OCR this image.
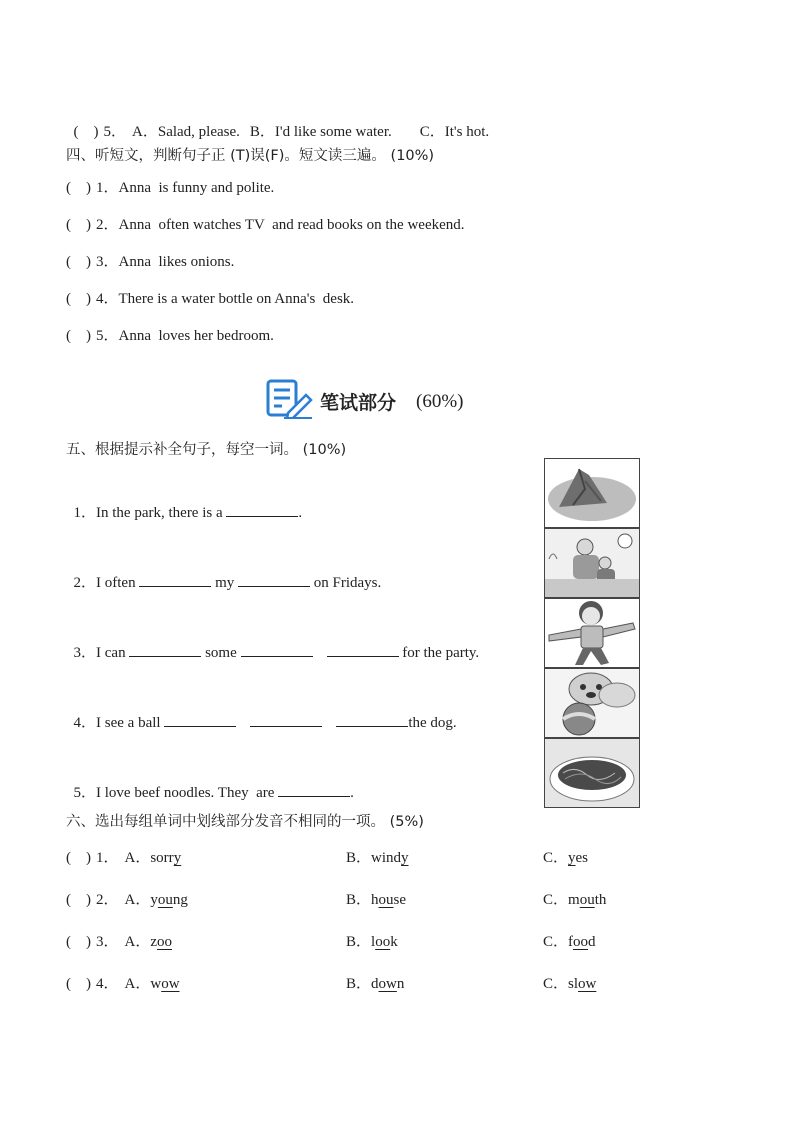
(    ) 5． A．Salad, please. B．I'd like some water. C．It's hot.

四、听短文，判断句子正 (T)误(F)。短文读三遍。 (10%)
(    ) 1．Anna  is funny and polite.
(    ) 2．Anna  often watches TV  and read books on the weekend.
(    ) 3．Anna  likes onions.
(    ) 4．There is a water bottle on Anna's  desk.
(    ) 5．Anna  loves her bedroom.
笔试部分 (60%)
五、根据提示补全句子，每空一词。 (10%)

1．In the park, there is a	.

2．I often	my	on Fridays.

3．I can	some	for the party.

4．I see a ball	the dog.

5．I love beef noodles. They  are	.

六、选出每组单词中划线部分发音不相同的一项。 (5%)
(    ) 1． A．sorry	B．windy	C．yes
(    ) 2． A．young	B．house	C．mouth
(    ) 3． A．zoo	B．look	C．food
(    ) 4． A．wow	B．down	C．slow
